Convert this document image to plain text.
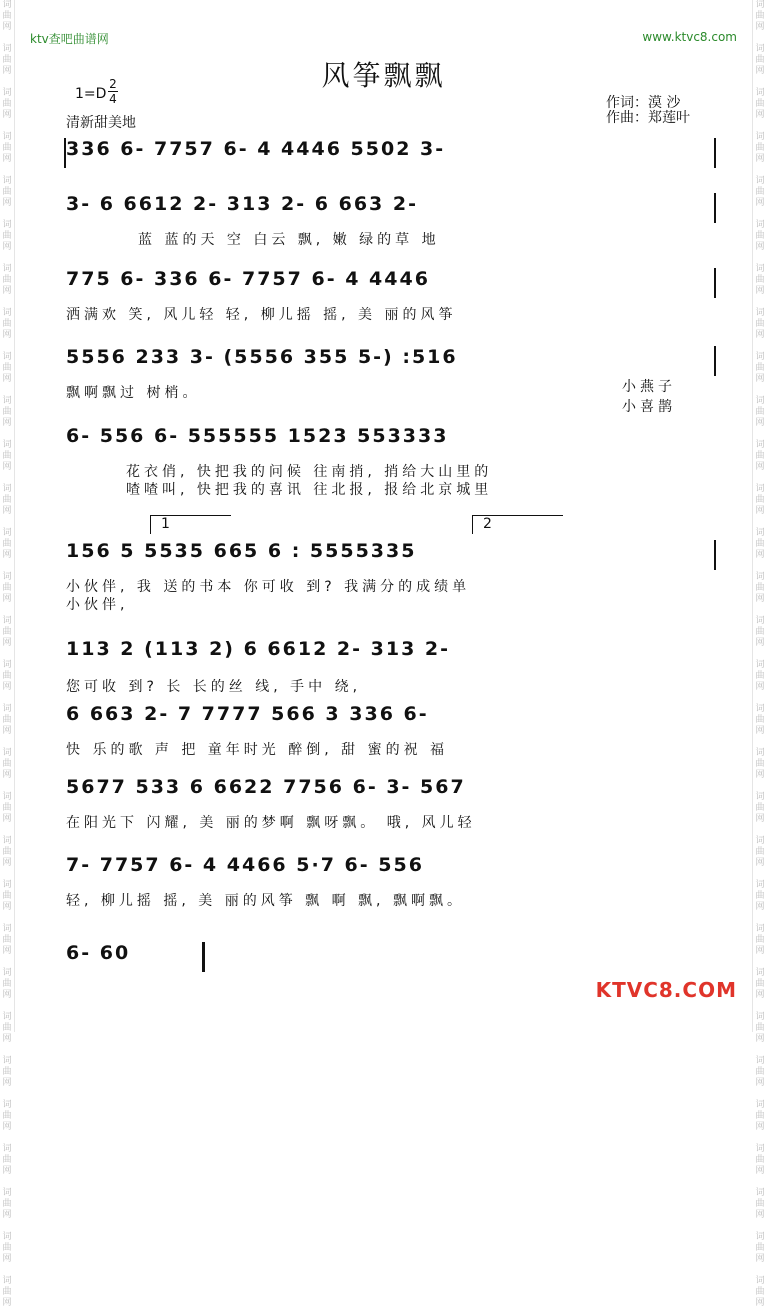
词曲网

词曲网

词曲网

词曲网

词曲网

词曲网

词曲网

词曲网

词曲网

词曲网

词曲网

词曲网

词曲网

词曲网

词曲网

词曲网

词曲网

词曲网

词曲网

词曲网

词曲网

词曲网

词曲网

词曲网

词曲网

词曲网

词曲网

词曲网

词曲网

词曲网

词曲网

词曲网

词曲网

词曲网

词曲网

词曲网

词曲网

词曲网

词曲网

词曲网

词曲网

词曲网

词曲网

词曲网

词曲网

词曲网

词曲网

词曲网

词曲网

词曲网

词曲网

词曲网

词曲网

词曲网

词曲网

词曲网

词曲网

词曲网

词曲网

词曲网

ktv查吧曲谱网	www.ktvc8.com
风筝飘飘
1=D
2
4
清新甜美地
作词：漠 沙
作曲：郑莲叶
336 6- 7757 6- 4 4446 5502 3-
3- 6 6612 2- 313 2- 6 663 2-
蓝 蓝的天 空 白云 飘, 嫩 绿的草 地
775 6- 336 6- 7757 6- 4 4446
洒满欢 笑, 风儿轻 轻, 柳儿摇 摇, 美 丽的风筝
5556 233 3- (5556 355 5-) :516
飘啊飘过 树梢。	小燕子
小喜鹊
6- 556 6- 555555 1523 553333
花衣俏, 快把我的问候 往南捎, 捎给大山里的
喳喳叫, 快把我的喜讯 往北报, 报给北京城里
1	2
156 5 5535 665 6 : 5555335
小伙伴, 我 送的书本 你可收 到? 我满分的成绩单
小伙伴,
113 2 (113 2) 6 6612 2- 313 2-
您可收 到? 长 长的丝 线, 手中 绕,
6 663 2- 7 7777 566 3 336 6-
快 乐的歌 声 把 童年时光 醉倒, 甜 蜜的祝 福
5677 533 6 6622 7756 6- 3- 567
在阳光下 闪耀, 美 丽的梦啊 飘呀飘。 哦, 风儿轻
7- 7757 6- 4 4466 5·7 6- 556
轻, 柳儿摇 摇, 美 丽的风筝 飘 啊 飘, 飘啊飘。
6- 60
KTVC8.COM
